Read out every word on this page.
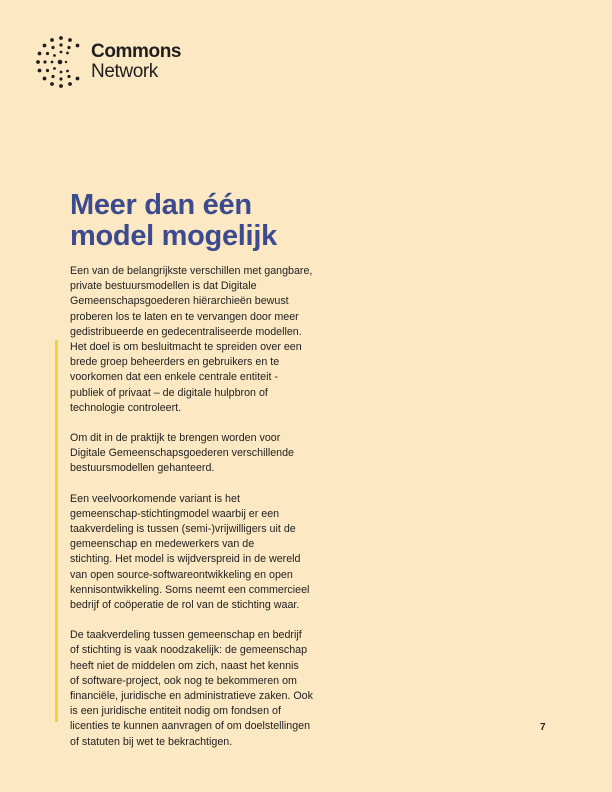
Commons
Network
Meer dan één
model mogelijk

Een van de belangrijkste verschillen met gangbare,
private bestuursmodellen is dat Digitale
Gemeenschapsgoederen hiërarchieën bewust
proberen los te laten en te vervangen door meer
gedistribueerde en gedecentraliseerde modellen.
Het doel is om besluitmacht te spreiden over een
brede groep beheerders en gebruikers en te
voorkomen dat een enkele centrale entiteit -
publiek of privaat – de digitale hulpbron of
technologie controleert.

Om dit in de praktijk te brengen worden voor
Digitale Gemeenschapsgoederen verschillende
bestuursmodellen gehanteerd.

Een veelvoorkomende variant is het
gemeenschap-stichtingmodel waarbij er een
taakverdeling is tussen (semi-)vrijwilligers uit de
gemeenschap en medewerkers van de
stichting. Het model is wijdverspreid in de wereld
van open source-softwareontwikkeling en open
kennisontwikkeling. Soms neemt een commercieel
bedrijf of coöperatie de rol van de stichting waar.

De taakverdeling tussen gemeenschap en bedrijf
of stichting is vaak noodzakelijk: de gemeenschap
heeft niet de middelen om zich, naast het kennis
of software-project, ook nog te bekommeren om
financiële, juridische en administratieve zaken. Ook
is een juridische entiteit nodig om fondsen of
licenties te kunnen aanvragen of om doelstellingen
of statuten bij wet te bekrachtigen.

7
